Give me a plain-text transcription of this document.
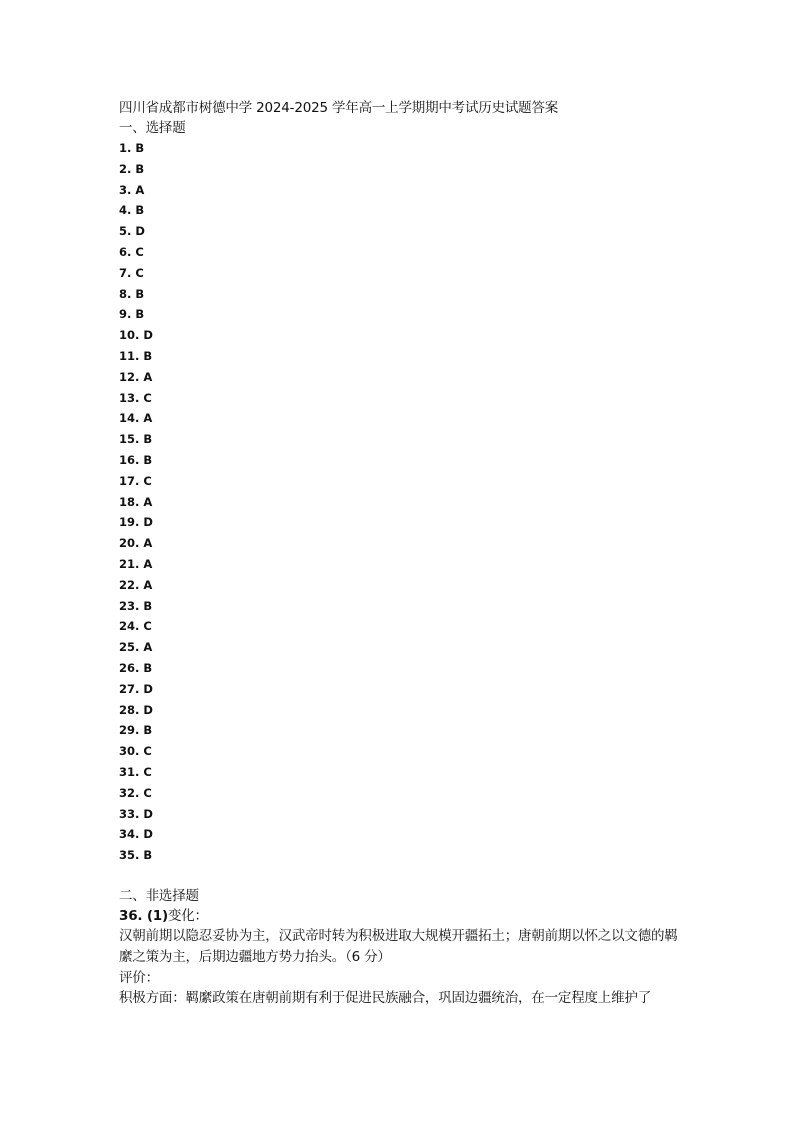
四川省成都市树德中学 2024-2025 学年高一上学期期中考试历史试题答案
一、选择题
1. B
2. B
3. A
4. B
5. D
6. C
7. C
8. B
9. B
10. D
11. B
12. A
13. C
14. A
15. B
16. B
17. C
18. A
19. D
20. A
21. A
22. A
23. B
24. C
25. A
26. B
27. D
28. D
29. B
30. C
31. C
32. C
33. D
34. D
35. B
二、非选择题
36. (1)变化：
汉朝前期以隐忍妥协为主，汉武帝时转为积极进取大规模开疆拓土；唐朝前期以怀之以文德的羁縻之策为主，后期边疆地方势力抬头。（6 分）
评价：
积极方面：羁縻政策在唐朝前期有利于促进民族融合，巩固边疆统治，在一定程度上维护了
